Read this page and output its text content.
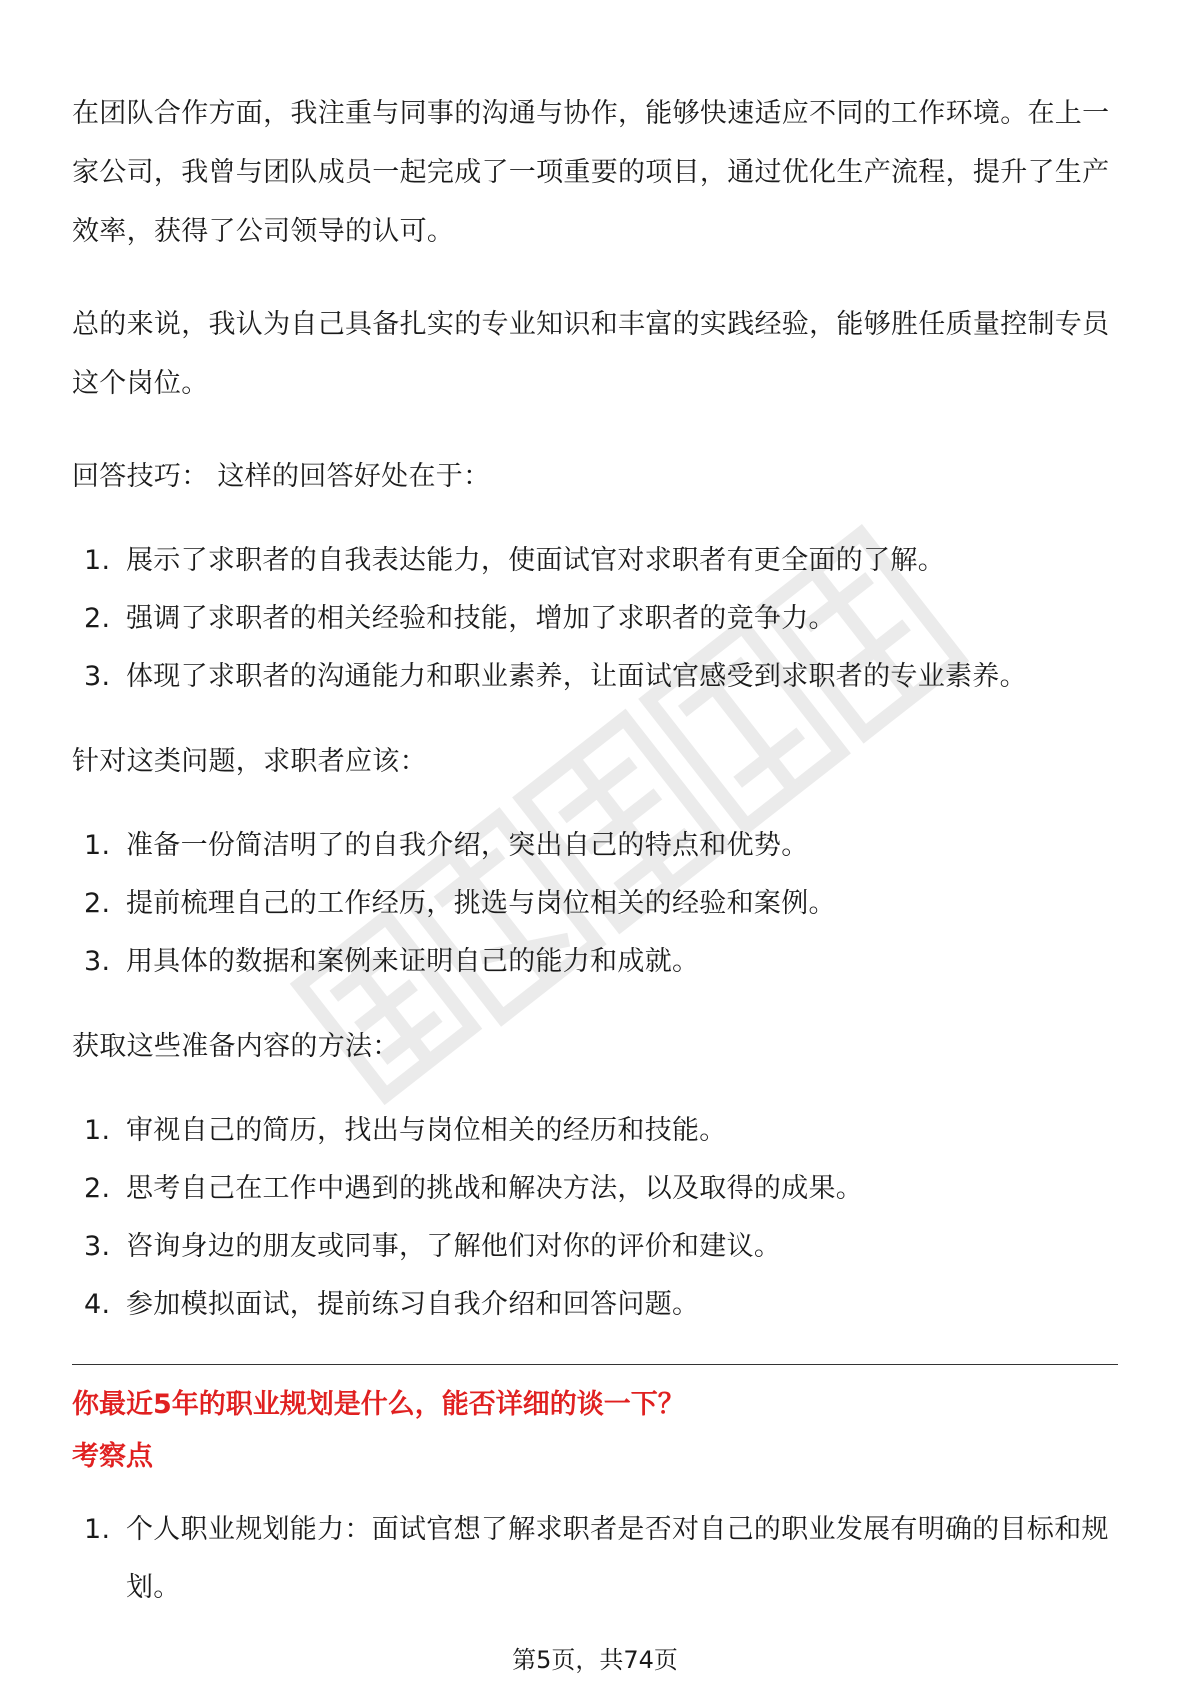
在团队合作方面，我注重与同事的沟通与协作，能够快速适应不同的工作环境。在上一家公司，我曾与团队成员一起完成了一项重要的项目，通过优化生产流程，提升了生产效率，获得了公司领导的认可。

总的来说，我认为自己具备扎实的专业知识和丰富的实践经验，能够胜任质量控制专员这个岗位。

回答技巧： 这样的回答好处在于：

1. 展示了求职者的自我表达能力，使面试官对求职者有更全面的了解。
2. 强调了求职者的相关经验和技能，增加了求职者的竞争力。
3. 体现了求职者的沟通能力和职业素养，让面试官感受到求职者的专业素养。

针对这类问题，求职者应该：

1. 准备一份简洁明了的自我介绍，突出自己的特点和优势。
2. 提前梳理自己的工作经历，挑选与岗位相关的经验和案例。
3. 用具体的数据和案例来证明自己的能力和成就。

获取这些准备内容的方法：

1. 审视自己的简历，找出与岗位相关的经历和技能。
2. 思考自己在工作中遇到的挑战和解决方法，以及取得的成果。
3. 咨询身边的朋友或同事，了解他们对你的评价和建议。
4. 参加模拟面试，提前练习自我介绍和回答问题。

你最近5年的职业规划是什么，能否详细的谈一下？

考察点

1. 个人职业规划能力：面试官想了解求职者是否对自己的职业发展有明确的目标和规划。
第5页，共74页
